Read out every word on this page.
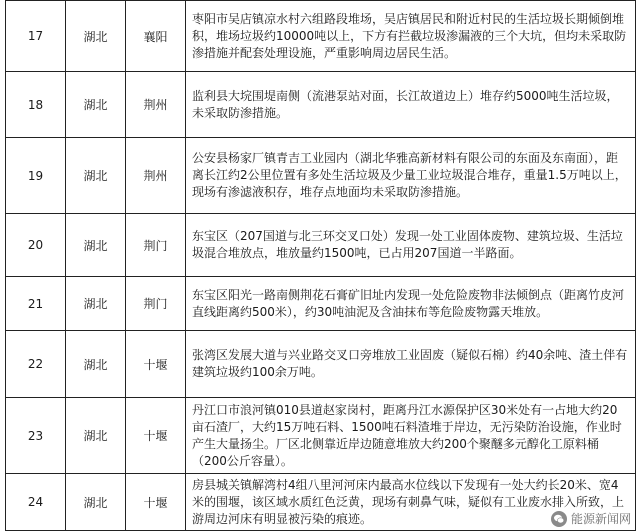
17	湖北	襄阳	枣阳市吴店镇凉水村六组路段堆场，吴店镇居民和附近村民的生活垃圾长期倾倒堆积，堆场垃圾约10000吨以上，下方有拦截垃圾渗漏液的三个大坑，但均未采取防渗措施并配套处理设施，严重影响周边居民生活。
18	湖北	荆州	监利县大垸围堤南侧（流港泵站对面，长江故道边上）堆存约5000吨生活垃圾，未采取防渗措施。
19	湖北	荆州	公安县杨家厂镇青吉工业园内（湖北华雅高新材料有限公司的东面及东南面），距离长江约2公里位置有多处生活垃圾及少量工业垃圾混合堆存，重量1.5万吨以上，现场有渗滤液积存，堆存点地面均未采取防渗措施。
20	湖北	荆门	东宝区（207国道与北三环交叉口处）发现一处工业固体废物、建筑垃圾、生活垃圾混合堆放点，堆放量约1500吨，已占用207国道一半路面。
21	湖北	荆门	东宝区阳光一路南侧荆花石膏矿旧址内发现一处危险废物非法倾倒点（距离竹皮河直线距离约500米），约30吨油泥及含油抹布等危险废物露天堆放。
22	湖北	十堰	张湾区发展大道与兴业路交叉口旁堆放工业固废（疑似石棉）约40余吨、渣土伴有建筑垃圾约100余万吨。
23	湖北	十堰	丹江口市浪河镇010县道赵家岗村，距离丹江水源保护区30米处有一占地大约20亩石渣厂，大约15万吨石料、1500吨石料渣堆于岸边，无污染防治设施，作业时产生大量扬尘。厂区北侧靠近岸边随意堆放大约200个聚醚多元醇化工原料桶（200公斤容量）。
24	湖北	十堰	房县城关镇解湾村4组八里河河床内最高水位线以下发现有一处大约长20米、宽4米的围堰，该区域水质红色泛黄，现场有刺鼻气味，疑似有工业废水排入所致，上游周边河床有明显被污染的痕迹。	能源新闻网
